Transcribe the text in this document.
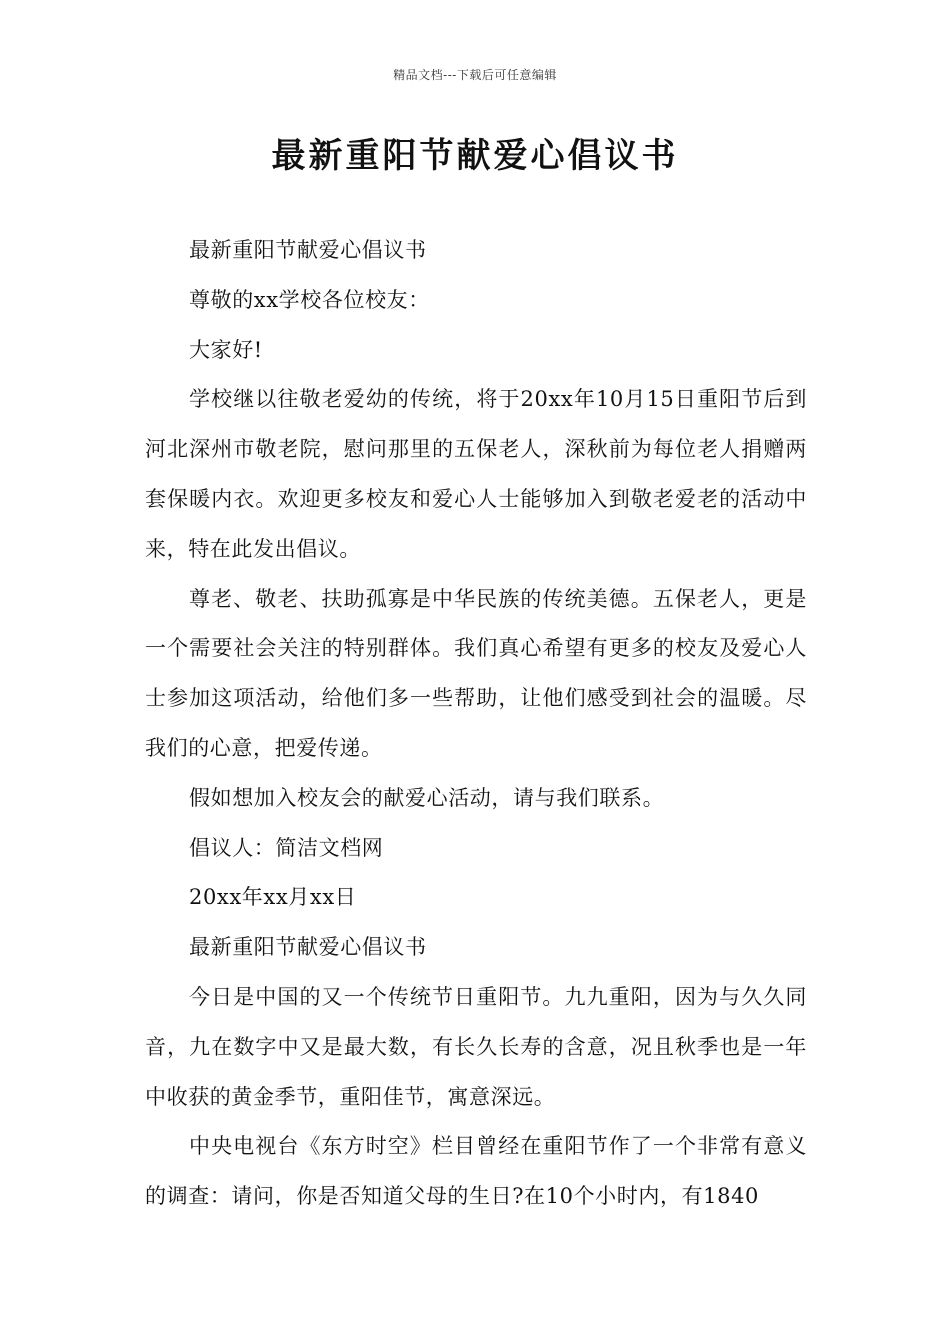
精品文档---下载后可任意编辑
最新重阳节献爱心倡议书

最新重阳节献爱心倡议书

尊敬的xx学校各位校友：

大家好!

学校继以往敬老爱幼的传统，将于20xx年10月15日重阳节后到河北深州市敬老院，慰问那里的五保老人，深秋前为每位老人捐赠两套保暖内衣。欢迎更多校友和爱心人士能够加入到敬老爱老的活动中来，特在此发出倡议。

尊老、敬老、扶助孤寡是中华民族的传统美德。五保老人，更是一个需要社会关注的特别群体。我们真心希望有更多的校友及爱心人士参加这项活动，给他们多一些帮助，让他们感受到社会的温暖。尽我们的心意，把爱传递。

假如想加入校友会的献爱心活动，请与我们联系。

倡议人：简洁文档网

20xx年xx月xx日

最新重阳节献爱心倡议书

今日是中国的又一个传统节日重阳节。九九重阳，因为与久久同音，九在数字中又是最大数，有长久长寿的含意，况且秋季也是一年中收获的黄金季节，重阳佳节，寓意深远。

中央电视台《东方时空》栏目曾经在重阳节作了一个非常有意义的调查：请问，你是否知道父母的生日?在10个小时内，有1840
